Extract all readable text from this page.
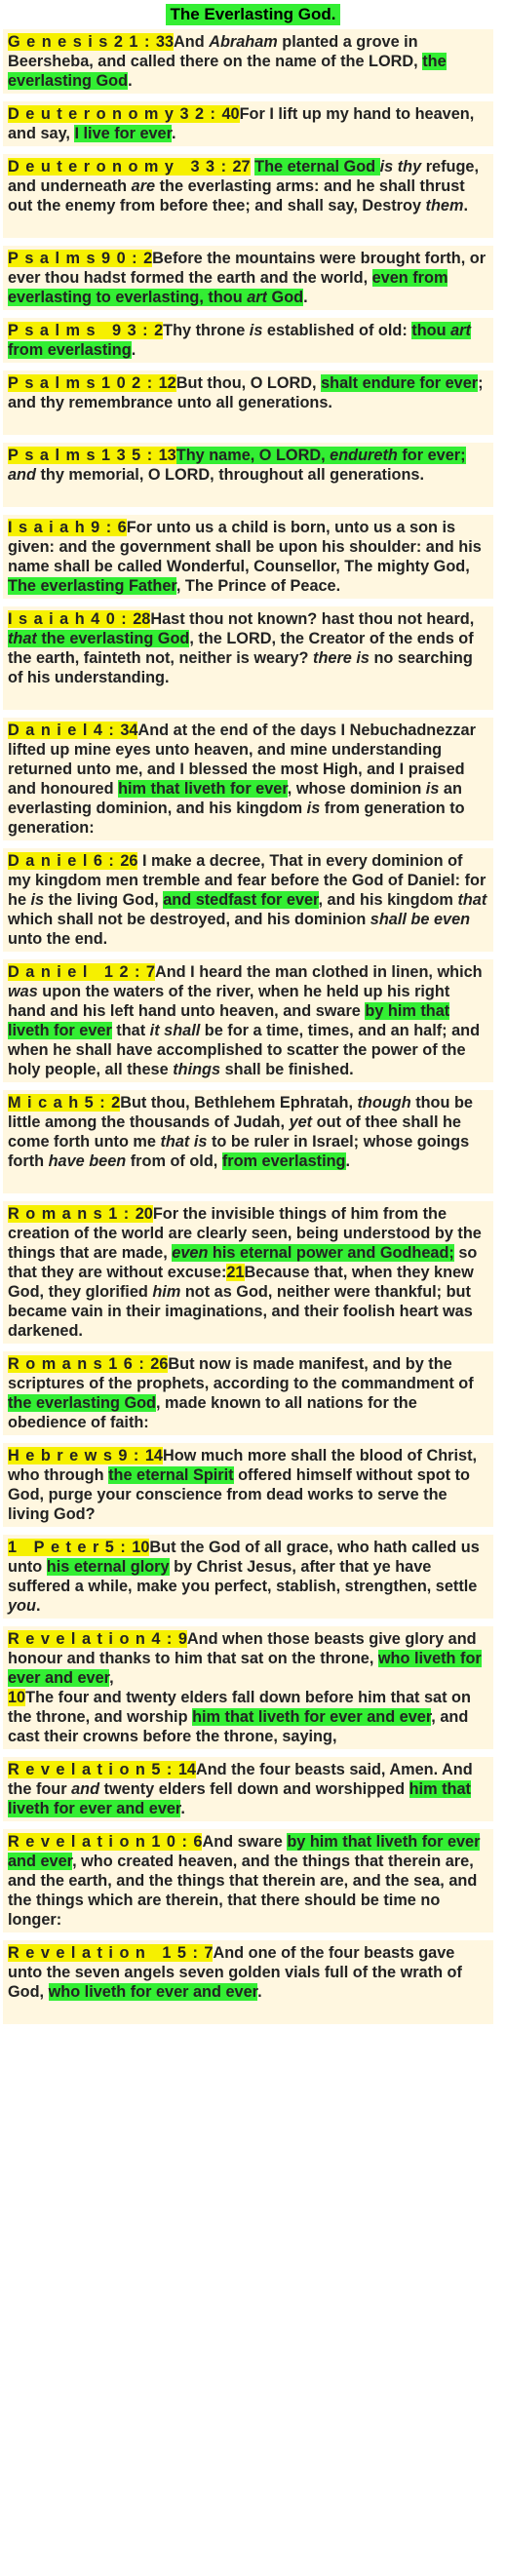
The Everlasting God.
Genesis21:33And Abraham planted a grove in Beersheba, and called there on the name of the LORD, the everlasting God.
Deuteronomy32:40For I lift up my hand to heaven, and say, I live for ever.
Deuteronomy 33:27 The eternal God is thy refuge, and underneath are the everlasting arms: and he shall thrust out the enemy from before thee; and shall say, Destroy them.
Psalms90:2Before the mountains were brought forth, or ever thou hadst formed the earth and the world, even from everlasting to everlasting, thou art God.
Psalms 93:2Thy throne is established of old: thou art from everlasting.
Psalms102:12But thou, O LORD, shalt endure for ever; and thy remembrance unto all generations.
Psalms135:13Thy name, O LORD, endureth for ever; and thy memorial, O LORD, throughout all generations.
Isaiah9:6For unto us a child is born, unto us a son is given: and the government shall be upon his shoulder: and his name shall be called Wonderful, Counsellor, The mighty God, The everlasting Father, The Prince of Peace.
Isaiah40:28Hast thou not known? hast thou not heard, that the everlasting God, the LORD, the Creator of the ends of the earth, fainteth not, neither is weary? there is no searching of his understanding.
Daniel4:34And at the end of the days I Nebuchadnezzar lifted up mine eyes unto heaven, and mine understanding returned unto me, and I blessed the most High, and I praised and honoured him that liveth for ever, whose dominion is an everlasting dominion, and his kingdom is from generation to generation:
Daniel6:26 I make a decree, That in every dominion of my kingdom men tremble and fear before the God of Daniel: for he is the living God, and stedfast for ever, and his kingdom that which shall not be destroyed, and his dominion shall be even unto the end.
Daniel 12:7And I heard the man clothed in linen, which was upon the waters of the river, when he held up his right hand and his left hand unto heaven, and sware by him that liveth for ever that it shall be for a time, times, and an half; and when he shall have accomplished to scatter the power of the holy people, all these things shall be finished.
Micah5:2But thou, Bethlehem Ephratah, though thou be little among the thousands of Judah, yet out of thee shall he come forth unto me that is to be ruler in Israel; whose goings forth have been from of old, from everlasting.
Romans1:20For the invisible things of him from the creation of the world are clearly seen, being understood by the things that are made, even his eternal power and Godhead; so that they are without excuse:21Because that, when they knew God, they glorified him not as God, neither were thankful; but became vain in their imaginations, and their foolish heart was darkened.
Romans16:26But now is made manifest, and by the scriptures of the prophets, according to the commandment of the everlasting God, made known to all nations for the obedience of faith:
Hebrews9:14How much more shall the blood of Christ, who through the eternal Spirit offered himself without spot to God, purge your conscience from dead works to serve the living God?
1 Peter5:10But the God of all grace, who hath called us unto his eternal glory by Christ Jesus, after that ye have suffered a while, make you perfect, stablish, strengthen, settle you.
Revelation4:9And when those beasts give glory and honour and thanks to him that sat on the throne, who liveth for ever and ever,
10The four and twenty elders fall down before him that sat on the throne, and worship him that liveth for ever and ever, and cast their crowns before the throne, saying,
Revelation5:14And the four beasts said, Amen. And the four and twenty elders fell down and worshipped him that liveth for ever and ever.
Revelation10:6And sware by him that liveth for ever and ever, who created heaven, and the things that therein are, and the earth, and the things that therein are, and the sea, and the things which are therein, that there should be time no longer:
Revelation 15:7And one of the four beasts gave unto the seven angels seven golden vials full of the wrath of God, who liveth for ever and ever.
